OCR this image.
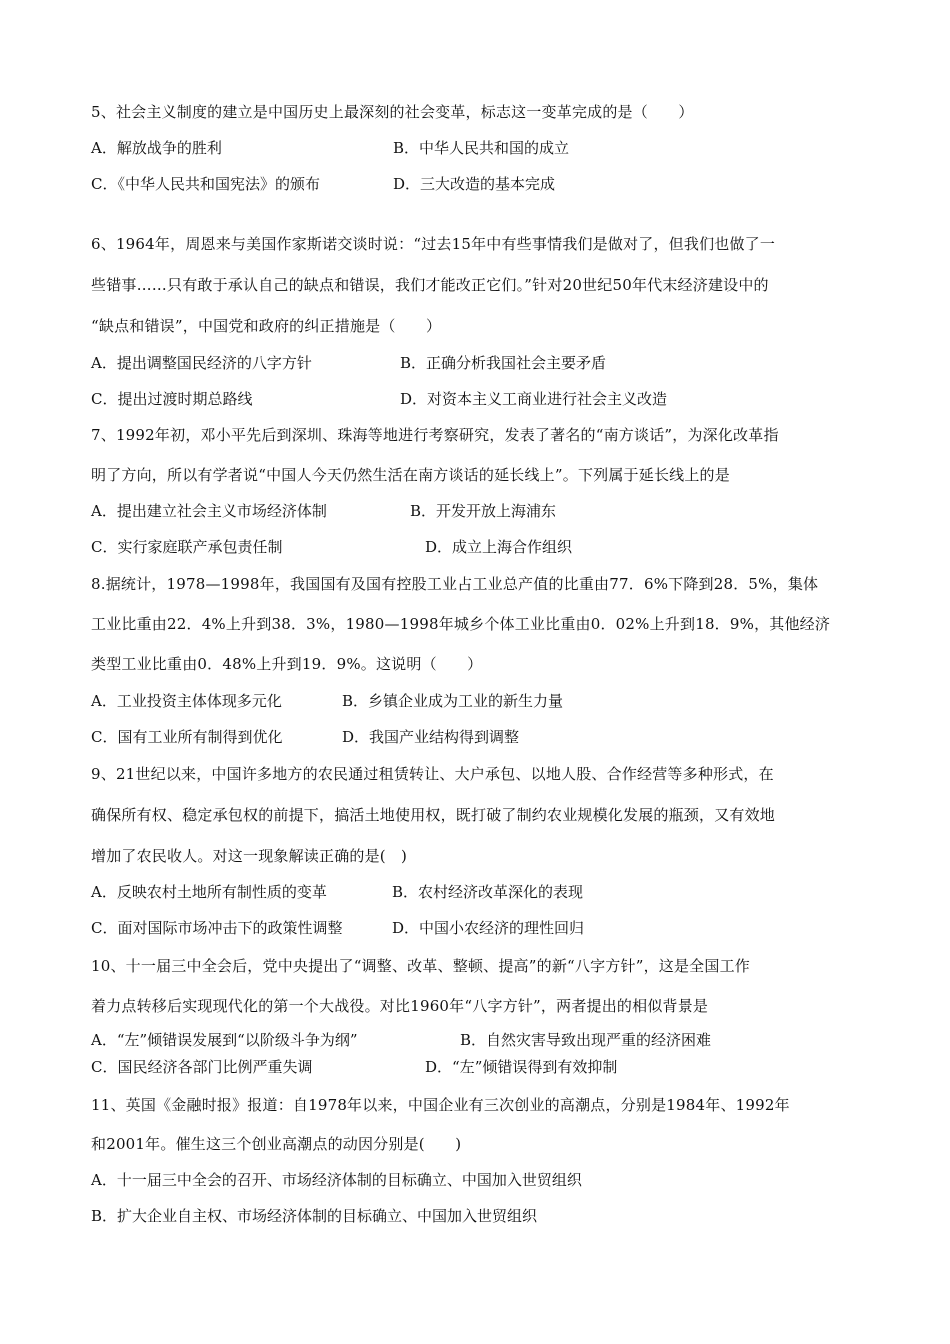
5、社会主义制度的建立是中国历史上最深刻的社会变革，标志这一变革完成的是（　　）
A．解放战争的胜利	B．中华人民共和国的成立
C．《中华人民共和国宪法》的颁布	D．三大改造的基本完成
6、1964年，周恩来与美国作家斯诺交谈时说：“过去15年中有些事情我们是做对了，但我们也做了一
些错事……只有敢于承认自己的缺点和错误，我们才能改正它们。”针对20世纪50年代末经济建设中的
“缺点和错误”，中国党和政府的纠正措施是（　　）
A．提出调整国民经济的八字方针	B．正确分析我国社会主要矛盾
C．提出过渡时期总路线	D．对资本主义工商业进行社会主义改造
7、1992年初，邓小平先后到深圳、珠海等地进行考察研究，发表了著名的“南方谈话”，为深化改革指
明了方向，所以有学者说“中国人今天仍然生活在南方谈话的延长线上”。下列属于延长线上的是
A．提出建立社会主义市场经济体制	B．开发开放上海浦东
C．实行家庭联产承包责任制	D．成立上海合作组织
8.据统计，1978—1998年，我国国有及国有控股工业占工业总产值的比重由77．6%下降到28．5%，集体
工业比重由22．4%上升到38．3%，1980—1998年城乡个体工业比重由0．02%上升到18．9%，其他经济
类型工业比重由0．48%上升到19．9%。这说明（　　）
A．工业投资主体体现多元化	B．乡镇企业成为工业的新生力量
C．国有工业所有制得到优化	D．我国产业结构得到调整
9、21世纪以来，中国许多地方的农民通过租赁转让、大户承包、以地人股、合作经营等多种形式，在
确保所有权、稳定承包权的前提下，搞活土地使用权，既打破了制约农业规模化发展的瓶颈，又有效地
增加了农民收人。对这一现象解读正确的是(　)
A．反映农村土地所有制性质的变革	B．农村经济改革深化的表现
C．面对国际市场冲击下的政策性调整	D．中国小农经济的理性回归
10、十一届三中全会后，党中央提出了“调整、改革、整顿、提高”的新“八字方针”，这是全国工作
着力点转移后实现现代化的第一个大战役。对比1960年“八字方针”，两者提出的相似背景是
A．“左”倾错误发展到“以阶级斗争为纲”	B．自然灾害导致出现严重的经济困难
C．国民经济各部门比例严重失调	D．“左”倾错误得到有效抑制
11、英国《金融时报》报道：自1978年以来，中国企业有三次创业的高潮点，分别是1984年、1992年
和2001年。催生这三个创业高潮点的动因分别是(　　)
A．十一届三中全会的召开、市场经济体制的目标确立、中国加入世贸组织
B．扩大企业自主权、市场经济体制的目标确立、中国加入世贸组织
